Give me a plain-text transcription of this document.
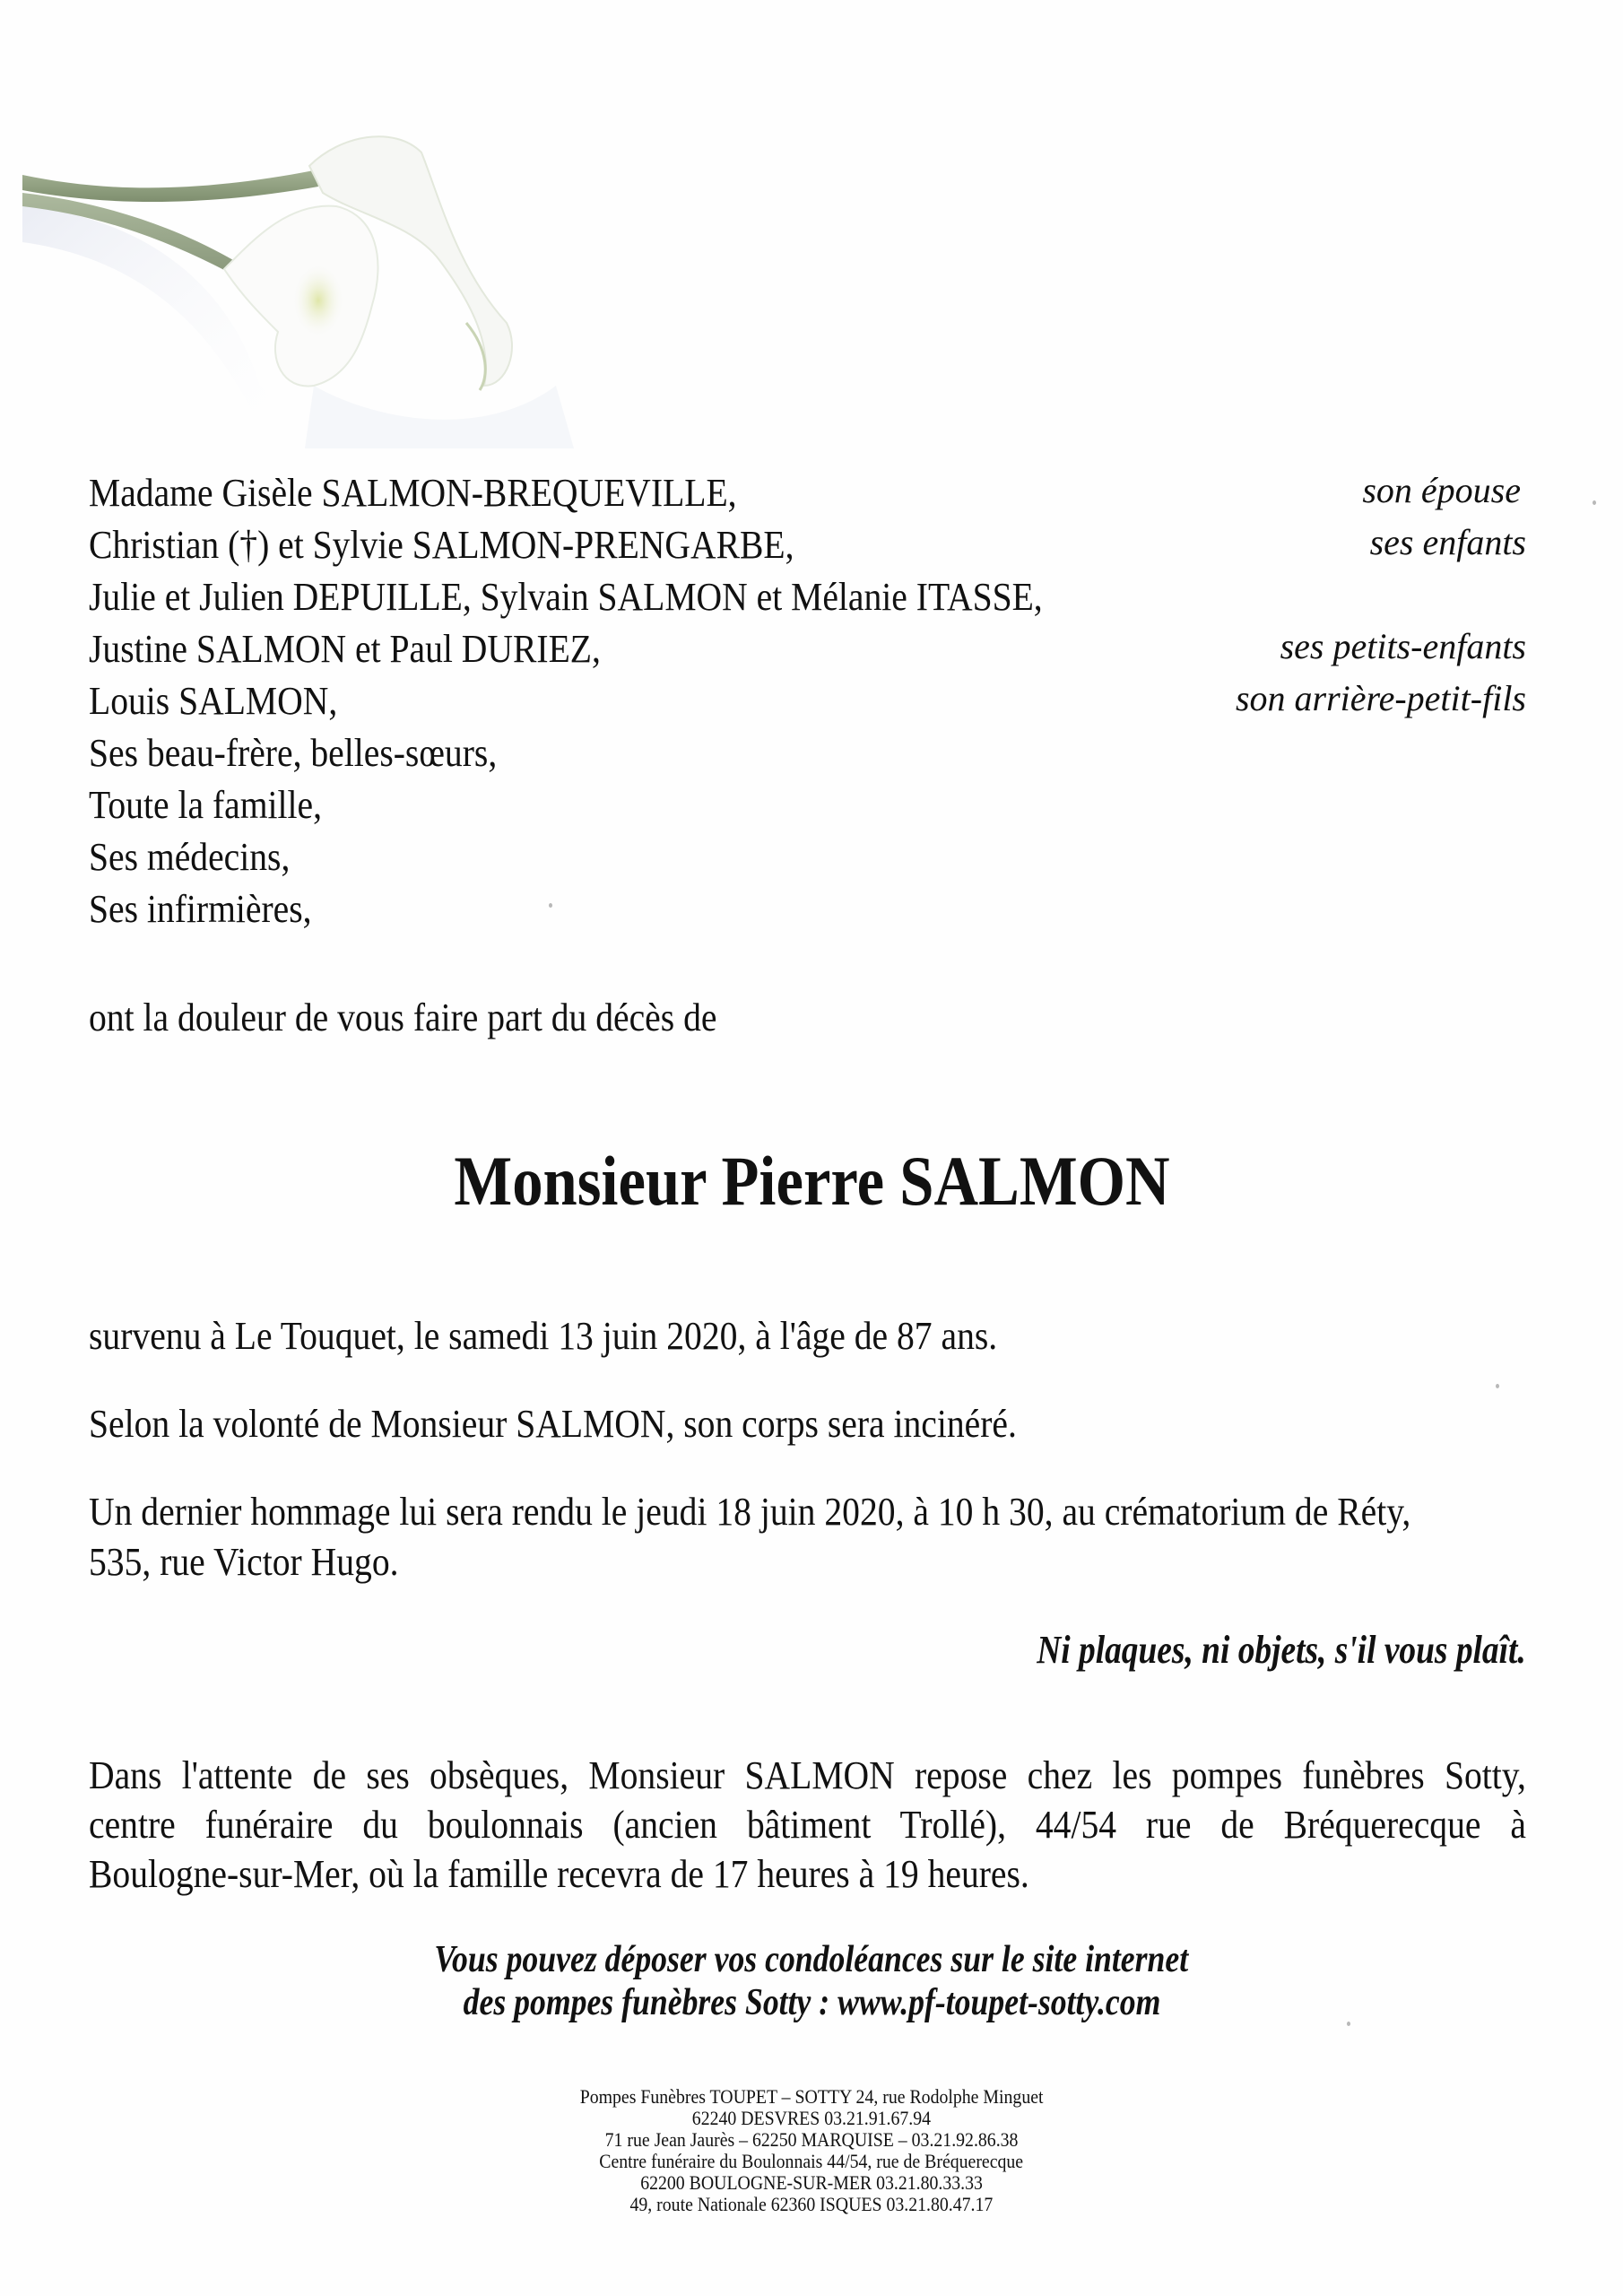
Madame Gisèle SALMON-BREQUEVILLE,
Christian (†) et Sylvie SALMON-PRENGARBE,
Julie et Julien DEPUILLE, Sylvain SALMON et Mélanie ITASSE,
Justine SALMON et Paul DURIEZ,
Louis SALMON,
Ses beau-frère, belles-sœurs,
Toute la famille,
Ses médecins,
Ses infirmières,
son épouse
ses enfants
ses petits-enfants
son arrière-petit-fils
ont la douleur de vous faire part du décès de
Monsieur Pierre SALMON
survenu à Le Touquet, le samedi 13 juin 2020, à l'âge de 87 ans.
Selon la volonté de Monsieur SALMON, son corps sera incinéré.
Un dernier hommage lui sera rendu le jeudi 18 juin 2020, à 10 h 30, au crématorium de Réty,
535, rue Victor Hugo.
Ni plaques, ni objets, s'il vous plaît.
Dans l'attente de ses obsèques, Monsieur SALMON repose chez les pompes funèbres Sotty,
centre funéraire du boulonnais (ancien bâtiment Trollé), 44/54 rue de Bréquerecque à
Boulogne-sur-Mer, où la famille recevra de 17 heures à 19 heures.
Vous pouvez déposer vos condoléances sur le site internet
des pompes funèbres Sotty : www.pf-toupet-sotty.com
Pompes Funèbres TOUPET – SOTTY 24, rue Rodolphe Minguet
62240 DESVRES 03.21.91.67.94
71 rue Jean Jaurès – 62250 MARQUISE – 03.21.92.86.38
Centre funéraire du Boulonnais 44/54, rue de Bréquerecque
62200 BOULOGNE-SUR-MER 03.21.80.33.33
49, route Nationale 62360 ISQUES 03.21.80.47.17
